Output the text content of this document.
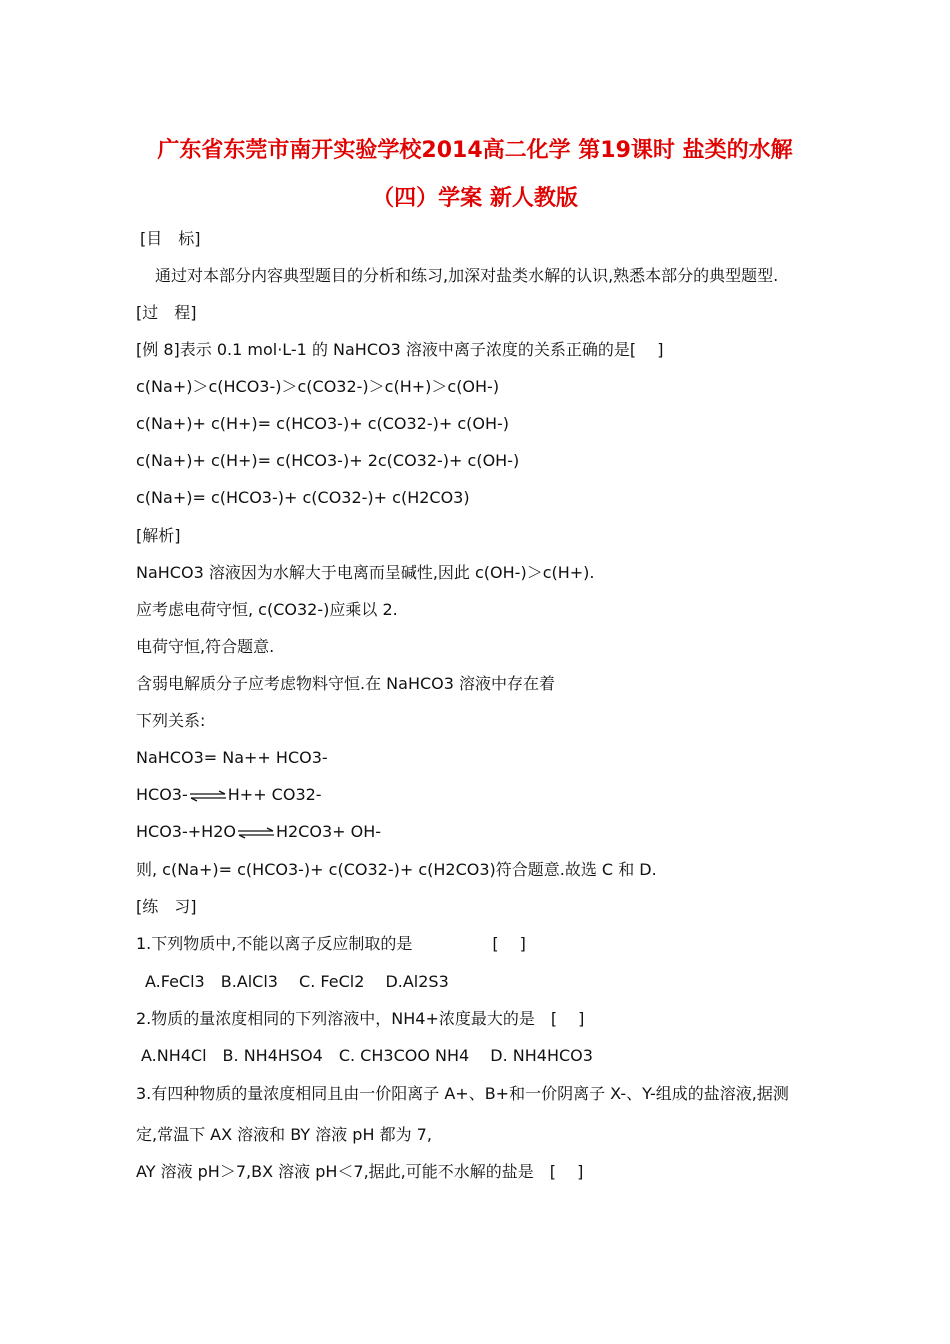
广东省东莞市南开实验学校2014高二化学 第19课时 盐类的水解
（四）学案 新人教版
[目　标]
通过对本部分内容典型题目的分析和练习,加深对盐类水解的认识,熟悉本部分的典型题型.
[过　程]
[例 8]表示 0.1 mol·L-1 的 NaHCO3 溶液中离子浓度的关系正确的是[　 ]
c(Na+)＞c(HCO3-)＞c(CO32-)＞c(H+)＞c(OH-)
c(Na+)+ c(H+)= c(HCO3-)+ c(CO32-)+ c(OH-)
c(Na+)+ c(H+)= c(HCO3-)+ 2c(CO32-)+ c(OH-)
c(Na+)= c(HCO3-)+ c(CO32-)+ c(H2CO3)
[解析]
NaHCO3 溶液因为水解大于电离而呈碱性,因此 c(OH-)＞c(H+).
应考虑电荷守恒, c(CO32-)应乘以 2.
电荷守恒,符合题意.
含弱电解质分子应考虑物料守恒.在 NaHCO3 溶液中存在着
下列关系:
NaHCO3= Na++ HCO3-
HCO3-⇌H++ CO32-
HCO3-+H2O⇌H2CO3+ OH-
则, c(Na+)= c(HCO3-)+ c(CO32-)+ c(H2CO3)符合题意.故选 C 和 D.
[练　习]
1.下列物质中,不能以离子反应制取的是　　　　　[　 ]
A.FeCl3　B.AlCl3　 C. FeCl2　 D.Al2S3
2.物质的量浓度相同的下列溶液中，NH4+浓度最大的是　[　 ]
A.NH4Cl　B. NH4HSO4　C. CH3COO NH4　 D. NH4HCO3
3.有四种物质的量浓度相同且由一价阳离子 A+、B+和一价阴离子 X-、Y-组成的盐溶液,据测
定,常温下 AX 溶液和 BY 溶液 pH 都为 7,
AY 溶液 pH＞7,BX 溶液 pH＜7,据此,可能不水解的盐是　[　 ]
